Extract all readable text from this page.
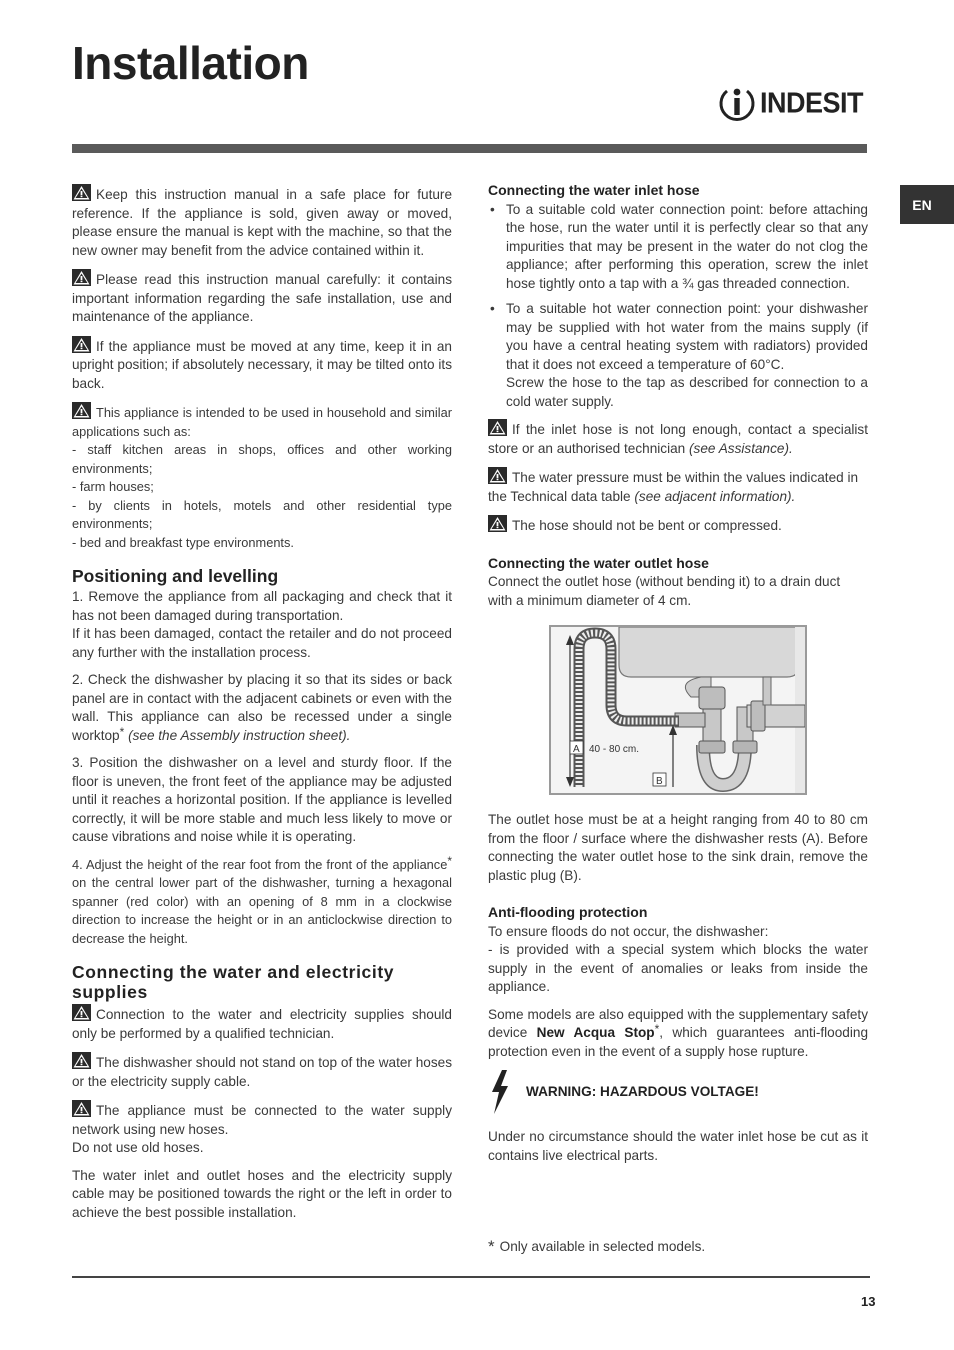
Installation
INDESIT
EN

Keep this instruction manual in a safe place for future reference. If the appliance is sold, given away or moved, please ensure the manual is kept with the machine, so that the new owner may benefit from the advice contained within it.

Please read this instruction manual carefully: it contains important information regarding the safe installation, use and maintenance of the appliance.

If the appliance must be moved at any time, keep it in an upright position; if absolutely necessary, it may be tilted onto its back.

This appliance is intended to be used in household and similar applications such as:
- staff kitchen areas in shops, offices and other working environments;
- farm houses;
- by clients in hotels, motels and other residential type environments;
- bed and breakfast type environments.

Positioning and levelling

1. Remove the appliance from all packaging and check that it has not been damaged during transportation.
If it has been damaged, contact the retailer and do not proceed any further with the installation process.

2. Check the dishwasher by placing it so that its sides or back panel are in contact with the adjacent cabinets or even with the wall. This appliance can also be recessed under a single worktop* (see the Assembly instruction sheet).

3. Position the dishwasher on a level and sturdy floor. If the floor is uneven, the front feet of the appliance may be adjusted until it reaches a horizontal position. If the appliance is levelled correctly, it will be more stable and much less likely to move or cause vibrations and noise while it is operating.

4. Adjust the height of the rear foot from the front of the appliance* on the central lower part of the dishwasher, turning a hexagonal spanner (red color) with an opening of 8 mm in a clockwise direction to increase the height or in an anticlockwise direction to decrease the height.

Connecting the water and electricity supplies

Connection to the water and electricity supplies should only be performed by a qualified technician.

The dishwasher should not stand on top of the water hoses or the electricity supply cable.

The appliance must be connected to the water supply network using new hoses.
Do not use old hoses.

The water inlet and outlet hoses and the electricity supply cable may be positioned towards the right or the left in order to achieve the best possible installation.

Connecting the water inlet hose
• To a suitable cold water connection point: before attaching the hose, run the water until it is perfectly clear so that any impurities that may be present in the water do not clog the appliance; after performing this operation, screw the inlet hose tightly onto a tap with a ¾ gas threaded connection.
• To a suitable hot water connection point: your dishwasher may be supplied with hot water from the mains supply (if you have a central heating system with radiators) provided that it does not exceed a temperature of 60°C.
Screw the hose to the tap as described for connection to a cold water supply.

If the inlet hose is not long enough, contact a specialist store or an authorised technician (see Assistance).

The water pressure must be within the values indicated in the Technical data table (see adjacent information).

The hose should not be bent or compressed.

Connecting the water outlet hose

Connect the outlet hose (without bending it) to a drain duct with a minimum diameter of 4 cm.

A 40 - 80 cm.
B

The outlet hose must be at a height ranging from 40 to 80 cm from the floor / surface where the dishwasher rests (A). Before connecting the water outlet hose to the sink drain, remove the plastic plug (B).

Anti-flooding protection

To ensure floods do not occur, the dishwasher:
- is provided with a special system which blocks the water supply in the event of anomalies or leaks from inside the appliance.

Some models are also equipped with the supplementary safety device New Acqua Stop*, which guarantees anti-flooding protection even in the event of a supply hose rupture.

WARNING: HAZARDOUS VOLTAGE!

Under no circumstance should the water inlet hose be cut as it contains live electrical parts.

* Only available in selected models.
13
